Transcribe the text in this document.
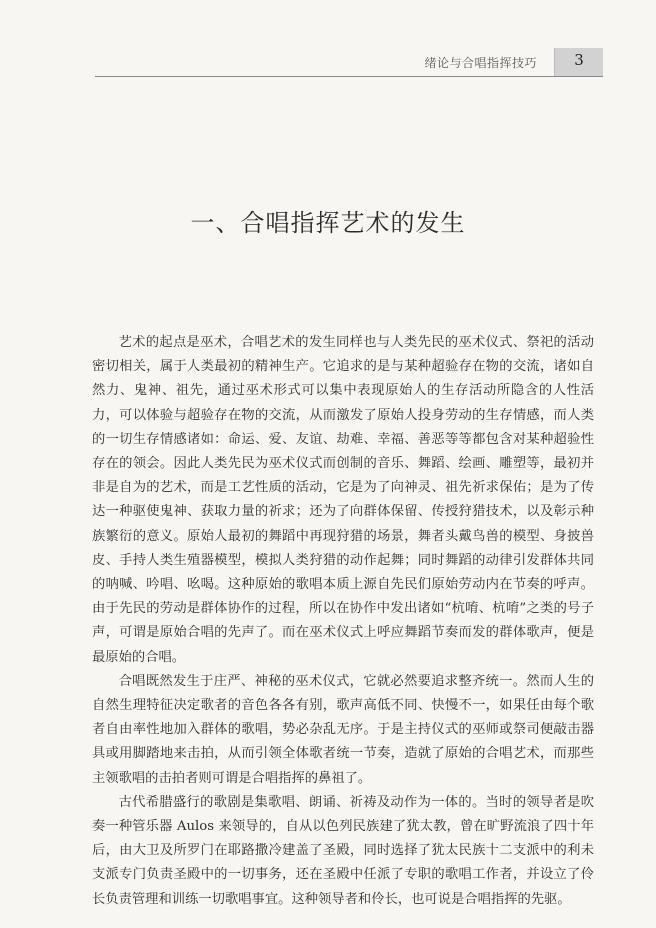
绪论与合唱指挥技巧	3
一、合唱指挥艺术的发生

艺术的起点是巫术，合唱艺术的发生同样也与人类先民的巫术仪式、祭祀的活动密切相关，属于人类最初的精神生产。它追求的是与某种超验存在物的交流，诸如自然力、鬼神、祖先，通过巫术形式可以集中表现原始人的生存活动所隐含的人性活力，可以体验与超验存在物的交流，从而激发了原始人投身劳动的生存情感，而人类的一切生存情感诸如：命运、爱、友谊、劫难、幸福、善恶等等都包含对某种超验性存在的领会。因此人类先民为巫术仪式而创制的音乐、舞蹈、绘画、雕塑等，最初并非是自为的艺术，而是工艺性质的活动，它是为了向神灵、祖先祈求保佑；是为了传达一种驱使鬼神、获取力量的祈求；还为了向群体保留、传授狩猎技术，以及彰示种族繁衍的意义。原始人最初的舞蹈中再现狩猎的场景，舞者头戴鸟兽的模型、身披兽皮、手持人类生殖器模型，模拟人类狩猎的动作起舞；同时舞蹈的动律引发群体共同的呐喊、吟唱、吆喝。这种原始的歌唱本质上源自先民们原始劳动内在节奏的呼声。由于先民的劳动是群体协作的过程，所以在协作中发出诸如“杭唷、杭唷”之类的号子声，可谓是原始合唱的先声了。而在巫术仪式上呼应舞蹈节奏而发的群体歌声，便是最原始的合唱。

合唱既然发生于庄严、神秘的巫术仪式，它就必然要追求整齐统一。然而人生的自然生理特征决定歌者的音色各各有别，歌声高低不同、快慢不一，如果任由每个歌者自由率性地加入群体的歌唱，势必杂乱无序。于是主持仪式的巫师或祭司便敲击器具或用脚踏地来击拍，从而引领全体歌者统一节奏，造就了原始的合唱艺术，而那些主领歌唱的击拍者则可谓是合唱指挥的鼻祖了。

古代希腊盛行的歌剧是集歌唱、朗诵、祈祷及动作为一体的。当时的领导者是吹奏一种管乐器 Aulos 来领导的，自从以色列民族建了犹太教，曾在旷野流浪了四十年后，由大卫及所罗门在耶路撒冷建盖了圣殿，同时选择了犹太民族十二支派中的利未支派专门负责圣殿中的一切事务，还在圣殿中任派了专职的歌唱工作者，并设立了伶长负责管理和训练一切歌唱事宜。这种领导者和伶长，也可说是合唱指挥的先驱。
